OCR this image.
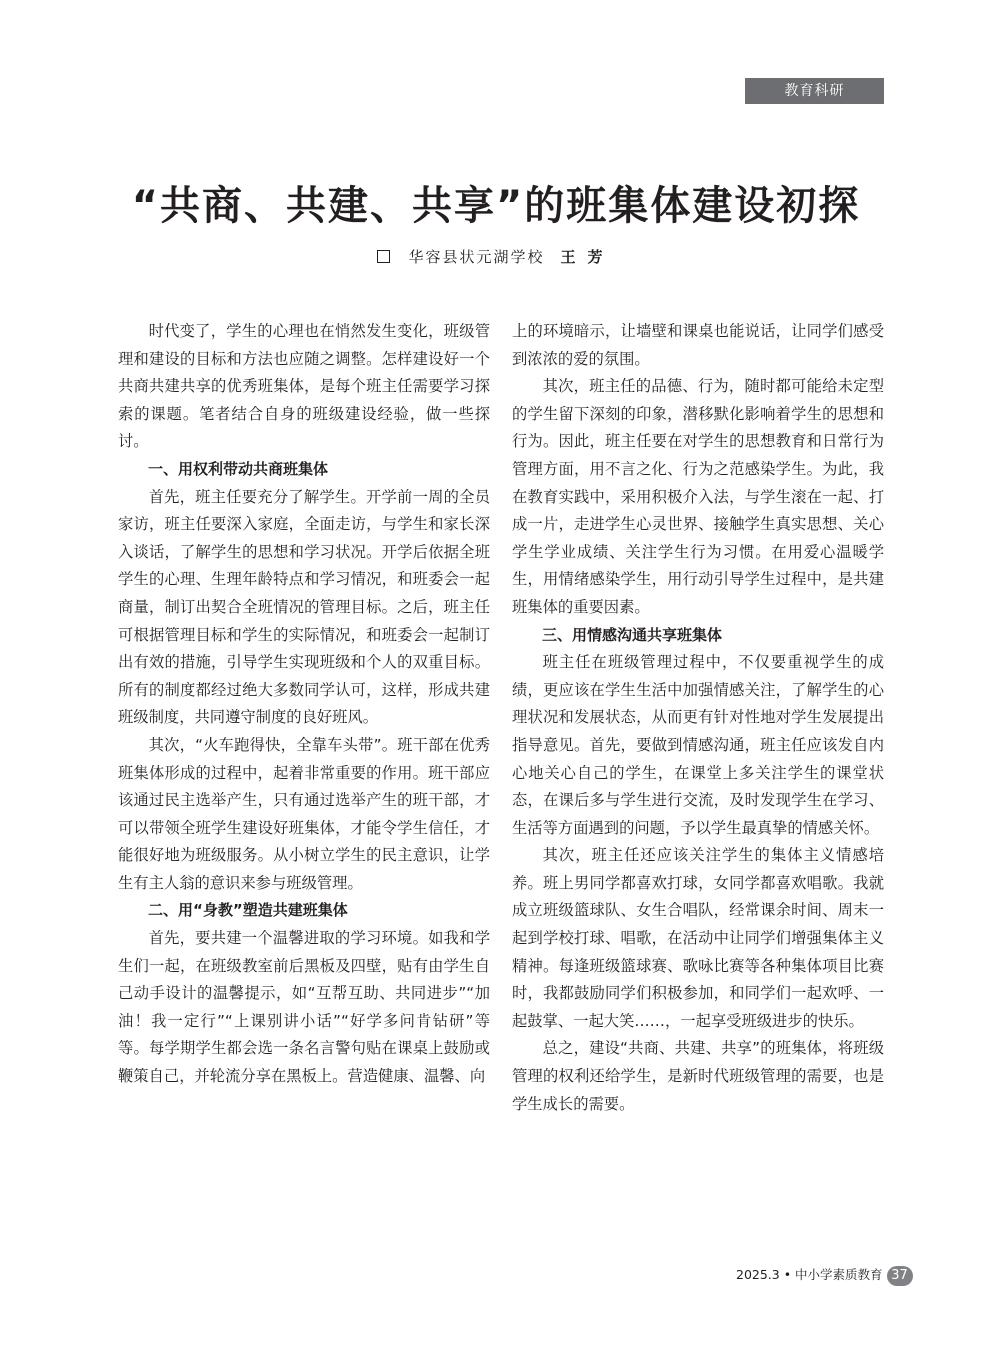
教育科研
“共商、共建、共享”的班集体建设初探
华容县状元湖学校 王芳

时代变了，学生的心理也在悄然发生变化，班级管理和建设的目标和方法也应随之调整。怎样建设好一个共商共建共享的优秀班集体，是每个班主任需要学习探索的课题。笔者结合自身的班级建设经验，做一些探讨。

一、用权利带动共商班集体

首先，班主任要充分了解学生。开学前一周的全员家访，班主任要深入家庭，全面走访，与学生和家长深入谈话，了解学生的思想和学习状况。开学后依据全班学生的心理、生理年龄特点和学习情况，和班委会一起商量，制订出契合全班情况的管理目标。之后，班主任可根据管理目标和学生的实际情况，和班委会一起制订出有效的措施，引导学生实现班级和个人的双重目标。所有的制度都经过绝大多数同学认可，这样，形成共建班级制度，共同遵守制度的良好班风。

其次，“火车跑得快，全靠车头带”。班干部在优秀班集体形成的过程中，起着非常重要的作用。班干部应该通过民主选举产生，只有通过选举产生的班干部，才可以带领全班学生建设好班集体，才能令学生信任，才能很好地为班级服务。从小树立学生的民主意识，让学生有主人翁的意识来参与班级管理。

二、用“身教”塑造共建班集体

首先，要共建一个温馨进取的学习环境。如我和学生们一起，在班级教室前后黑板及四壁，贴有由学生自己动手设计的温馨提示，如“互帮互助、共同进步”“加油！我一定行”“上课别讲小话”“好学多问肯钻研”等等。每学期学生都会选一条名言警句贴在课桌上鼓励或鞭策自己，并轮流分享在黑板上。营造健康、温馨、向

上的环境暗示，让墙壁和课桌也能说话，让同学们感受到浓浓的爱的氛围。

其次，班主任的品德、行为，随时都可能给未定型的学生留下深刻的印象，潜移默化影响着学生的思想和行为。因此，班主任要在对学生的思想教育和日常行为管理方面，用不言之化、行为之范感染学生。为此，我在教育实践中，采用积极介入法，与学生滚在一起、打成一片，走进学生心灵世界、接触学生真实思想、关心学生学业成绩、关注学生行为习惯。在用爱心温暖学生，用情绪感染学生，用行动引导学生过程中，是共建班集体的重要因素。

三、用情感沟通共享班集体

班主任在班级管理过程中，不仅要重视学生的成绩，更应该在学生生活中加强情感关注，了解学生的心理状况和发展状态，从而更有针对性地对学生发展提出指导意见。首先，要做到情感沟通，班主任应该发自内心地关心自己的学生，在课堂上多关注学生的课堂状态，在课后多与学生进行交流，及时发现学生在学习、生活等方面遇到的问题，予以学生最真挚的情感关怀。

其次，班主任还应该关注学生的集体主义情感培养。班上男同学都喜欢打球，女同学都喜欢唱歌。我就成立班级篮球队、女生合唱队，经常课余时间、周末一起到学校打球、唱歌，在活动中让同学们增强集体主义精神。每逢班级篮球赛、歌咏比赛等各种集体项目比赛时，我都鼓励同学们积极参加，和同学们一起欢呼、一起鼓掌、一起大笑……，一起享受班级进步的快乐。

总之，建设“共商、共建、共享”的班集体，将班级管理的权利还给学生，是新时代班级管理的需要，也是学生成长的需要。

2025.3 • 中小学素质教育 37
